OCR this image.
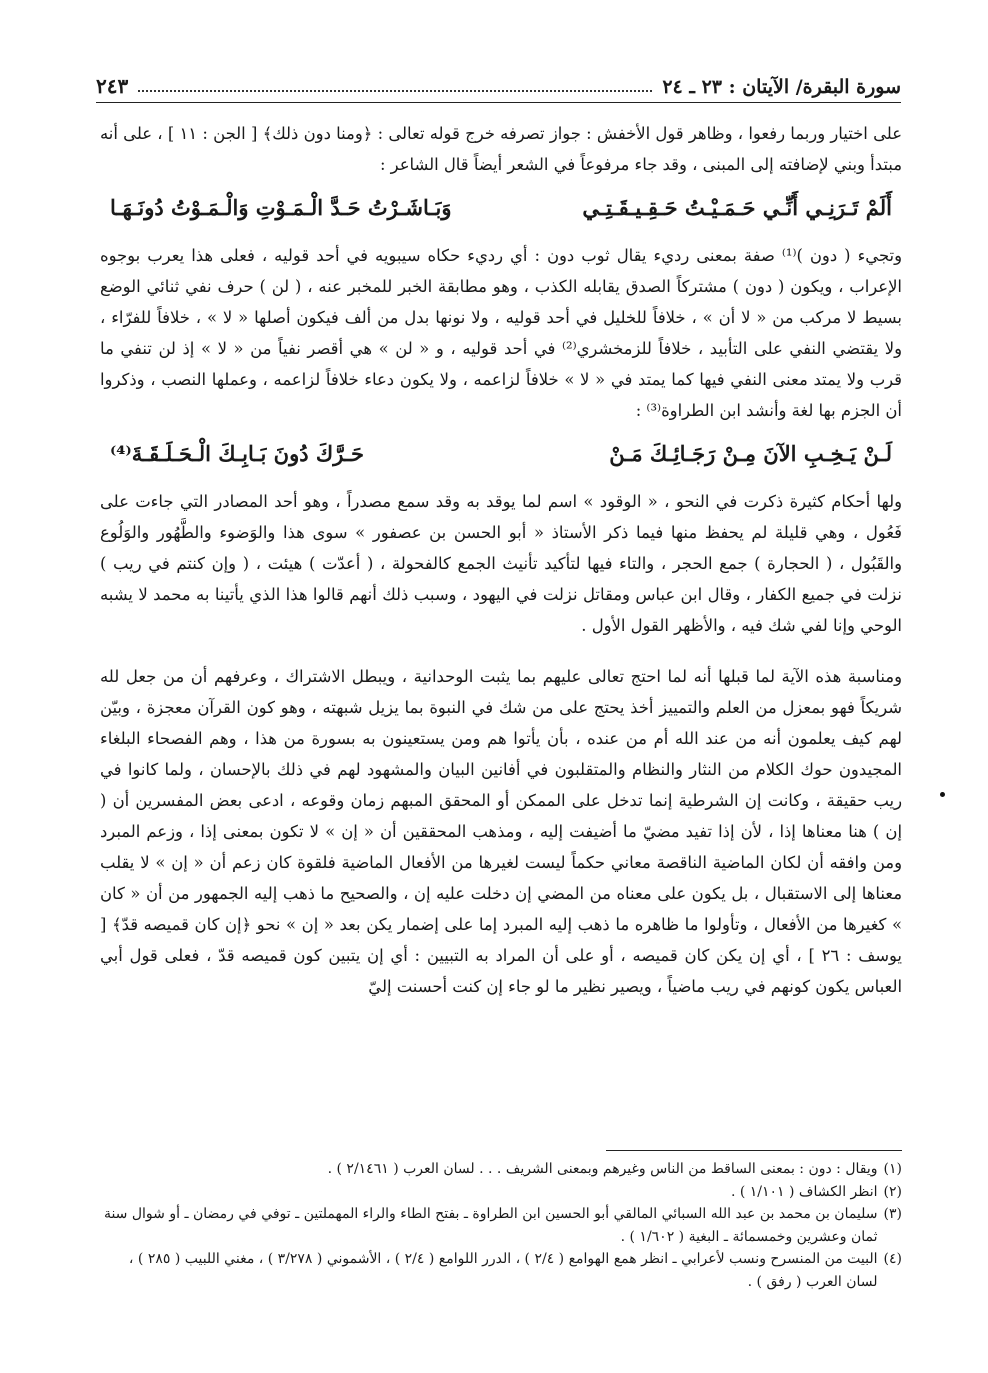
سورة البقرة/ الآيتان : ٢٣ ـ ٢٤
٢٤٣

على اختيار وربما رفعوا ، وظاهر قول الأخفش : جواز تصرفه خرج قوله تعالى : ﴿ومنا دون ذلك﴾ [ الجن : ١١ ] ، على أنه مبتدأ وبني لإضافته إلى المبنى ، وقد جاء مرفوعاً في الشعر أيضاً قال الشاعر :

أَلَمْ تَـرَنِـي أَنِّـي حَـمَـيْـتُ حَـقِـيـقَـتِـي
وَبَـاشَـرْتُ حَـدَّ الْـمَـوْتِ وَالْـمَـوْتُ دُونَـهَـا

وتجيء ( دون )⁽¹⁾ صفة بمعنى رديء يقال ثوب دون : أي رديء حكاه سيبويه في أحد قوليه ، فعلى هذا يعرب بوجوه الإعراب ، ويكون ( دون ) مشتركاً الصدق يقابله الكذب ، وهو مطابقة الخبر للمخبر عنه ، ( لن ) حرف نفي ثنائي الوضع بسيط لا مركب من « لا أن » ، خلافاً للخليل في أحد قوليه ، ولا نونها بدل من ألف فيكون أصلها « لا » ، خلافاً للفرّاء ، ولا يقتضي النفي على التأبيد ، خلافاً للزمخشري⁽²⁾ في أحد قوليه ، و « لن » هي أقصر نفياً من « لا » إذ لن تنفي ما قرب ولا يمتد معنى النفي فيها كما يمتد في « لا » خلافاً لزاعمه ، ولا يكون دعاء خلافاً لزاعمه ، وعملها النصب ، وذكروا أن الجزم بها لغة وأنشد ابن الطراوة⁽³⁾ :

لَـنْ يَـخِـبِ الآنَ مِـنْ رَجَـائِـكَ مَـنْ
حَـرَّكَ دُونَ بَـابِـكَ الْـحَـلَـقَـةَ⁽⁴⁾

ولها أحكام كثيرة ذكرت في النحو ، « الوقود » اسم لما يوقد به وقد سمع مصدراً ، وهو أحد المصادر التي جاءت على فَعُول ، وهي قليلة لم يحفظ منها فيما ذكر الأستاذ « أبو الحسن بن عصفور » سوى هذا والوَضوء والطَّهُور والوَلُوع والقَبُول ، ( الحجارة ) جمع الحجر ، والتاء فيها لتأكيد تأنيث الجمع كالفحولة ، ( أعدّت ) هيئت ، ( وإن كنتم في ريب ) نزلت في جميع الكفار ، وقال ابن عباس ومقاتل نزلت في اليهود ، وسبب ذلك أنهم قالوا هذا الذي يأتينا به محمد لا يشبه الوحي وإنا لفي شك فيه ، والأظهر القول الأول .

ومناسبة هذه الآية لما قبلها أنه لما احتج تعالى عليهم بما يثبت الوحدانية ، ويبطل الاشتراك ، وعرفهم أن من جعل لله شريكاً فهو بمعزل من العلم والتمييز أخذ يحتج على من شك في النبوة بما يزيل شبهته ، وهو كون القرآن معجزة ، وبيّن لهم كيف يعلمون أنه من عند الله أم من عنده ، بأن يأتوا هم ومن يستعينون به بسورة من هذا ، وهم الفصحاء البلغاء المجيدون حوك الكلام من النثار والنظام والمتقلبون في أفانين البيان والمشهود لهم في ذلك بالإحسان ، ولما كانوا في ريب حقيقة ، وكانت إن الشرطية إنما تدخل على الممكن أو المحقق المبهم زمان وقوعه ، ادعى بعض المفسرين أن ( إن ) هنا معناها إذا ، لأن إذا تفيد مضيّ ما أضيفت إليه ، ومذهب المحققين أن « إن » لا تكون بمعنى إذا ، وزعم المبرد ومن وافقه أن لكان الماضية الناقصة معاني حكماً ليست لغيرها من الأفعال الماضية فلقوة كان زعم أن « إن » لا يقلب معناها إلى الاستقبال ، بل يكون على معناه من المضي إن دخلت عليه إن ، والصحيح ما ذهب إليه الجمهور من أن « كان » كغيرها من الأفعال ، وتأولوا ما ظاهره ما ذهب إليه المبرد إما على إضمار يكن بعد « إن » نحو ﴿إن كان قميصه قدّ﴾ [ يوسف : ٢٦ ] ، أي إن يكن كان قميصه ، أو على أن المراد به التبيين : أي إن يتبين كون قميصه قدّ ، فعلى قول أبي العباس يكون كونهم في ريب ماضياً ، ويصير نظير ما لو جاء إن كنت أحسنت إليّ

(١)
ويقال : دون : بمعنى الساقط من الناس وغيرهم وبمعنى الشريف . . . لسان العرب ( ٢/١٤٦١ ) .
(٢)
انظر الكشاف ( ١/١٠١ ) .
(٣)
سليمان بن محمد بن عبد الله السبائي المالقي أبو الحسين ابن الطراوة ـ بفتح الطاء والراء المهملتين ـ توفي في رمضان ـ أو شوال سنة ثمان وعشرين وخمسمائة ـ البغية ( ١/٦٠٢ ) .
(٤)
البيت من المنسرح ونسب لأعرابي ـ انظر همع الهوامع ( ٢/٤ ) ، الدرر اللوامع ( ٢/٤ ) ، الأشموني ( ٣/٢٧٨ ) ، مغني اللبيب ( ٢٨٥ ) ، لسان العرب ( رفق ) .
